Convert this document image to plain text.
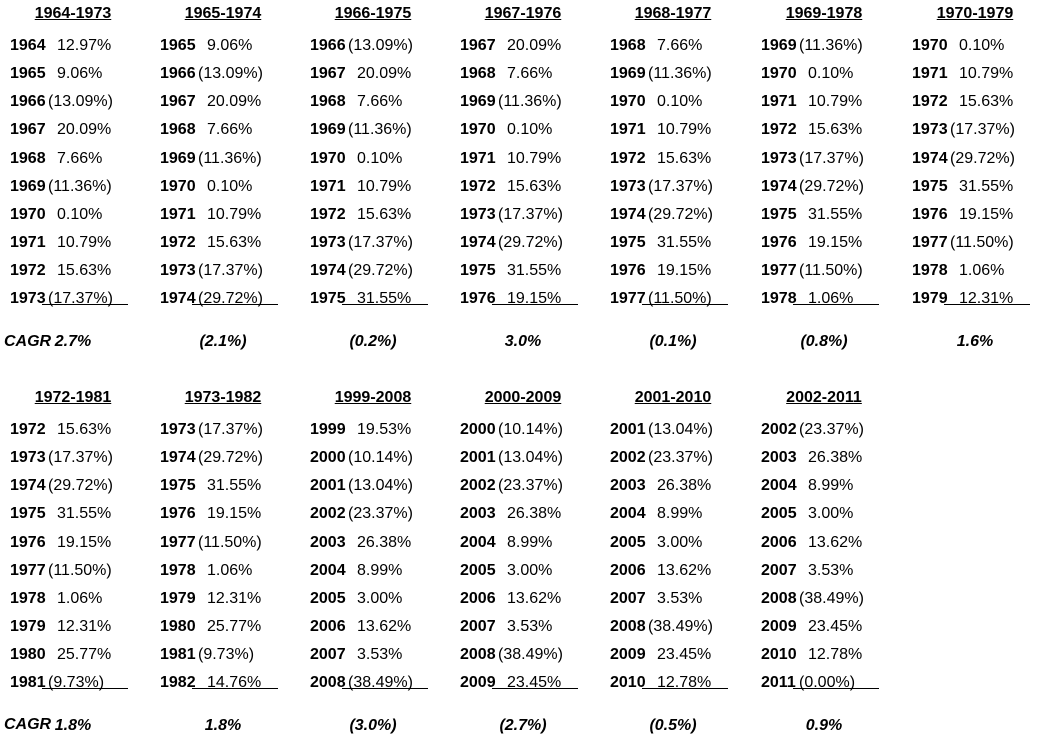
CAGR
CAGR
1964-1973
1964 12.97%
1965 9.06%
1966 (13.09%)
1967 20.09%
1968 7.66%
1969 (11.36%)
1970 0.10%
1971 10.79%
1972 15.63%
1973 (17.37%)
2.7%
1965-1974
1965 9.06%
1966 (13.09%)
1967 20.09%
1968 7.66%
1969 (11.36%)
1970 0.10%
1971 10.79%
1972 15.63%
1973 (17.37%)
1974 (29.72%)
(2.1%)
1966-1975
1966 (13.09%)
1967 20.09%
1968 7.66%
1969 (11.36%)
1970 0.10%
1971 10.79%
1972 15.63%
1973 (17.37%)
1974 (29.72%)
1975 31.55%
(0.2%)
1967-1976
1967 20.09%
1968 7.66%
1969 (11.36%)
1970 0.10%
1971 10.79%
1972 15.63%
1973 (17.37%)
1974 (29.72%)
1975 31.55%
1976 19.15%
3.0%
1968-1977
1968 7.66%
1969 (11.36%)
1970 0.10%
1971 10.79%
1972 15.63%
1973 (17.37%)
1974 (29.72%)
1975 31.55%
1976 19.15%
1977 (11.50%)
(0.1%)
1969-1978
1969 (11.36%)
1970 0.10%
1971 10.79%
1972 15.63%
1973 (17.37%)
1974 (29.72%)
1975 31.55%
1976 19.15%
1977 (11.50%)
1978 1.06%
(0.8%)
1970-1979
1970 0.10%
1971 10.79%
1972 15.63%
1973 (17.37%)
1974 (29.72%)
1975 31.55%
1976 19.15%
1977 (11.50%)
1978 1.06%
1979 12.31%
1.6%
1972-1981
1972 15.63%
1973 (17.37%)
1974 (29.72%)
1975 31.55%
1976 19.15%
1977 (11.50%)
1978 1.06%
1979 12.31%
1980 25.77%
1981 (9.73%)
1.8%
1973-1982
1973 (17.37%)
1974 (29.72%)
1975 31.55%
1976 19.15%
1977 (11.50%)
1978 1.06%
1979 12.31%
1980 25.77%
1981 (9.73%)
1982 14.76%
1.8%
1999-2008
1999 19.53%
2000 (10.14%)
2001 (13.04%)
2002 (23.37%)
2003 26.38%
2004 8.99%
2005 3.00%
2006 13.62%
2007 3.53%
2008 (38.49%)
(3.0%)
2000-2009
2000 (10.14%)
2001 (13.04%)
2002 (23.37%)
2003 26.38%
2004 8.99%
2005 3.00%
2006 13.62%
2007 3.53%
2008 (38.49%)
2009 23.45%
(2.7%)
2001-2010
2001 (13.04%)
2002 (23.37%)
2003 26.38%
2004 8.99%
2005 3.00%
2006 13.62%
2007 3.53%
2008 (38.49%)
2009 23.45%
2010 12.78%
(0.5%)
2002-2011
2002 (23.37%)
2003 26.38%
2004 8.99%
2005 3.00%
2006 13.62%
2007 3.53%
2008 (38.49%)
2009 23.45%
2010 12.78%
2011 (0.00%)
0.9%
